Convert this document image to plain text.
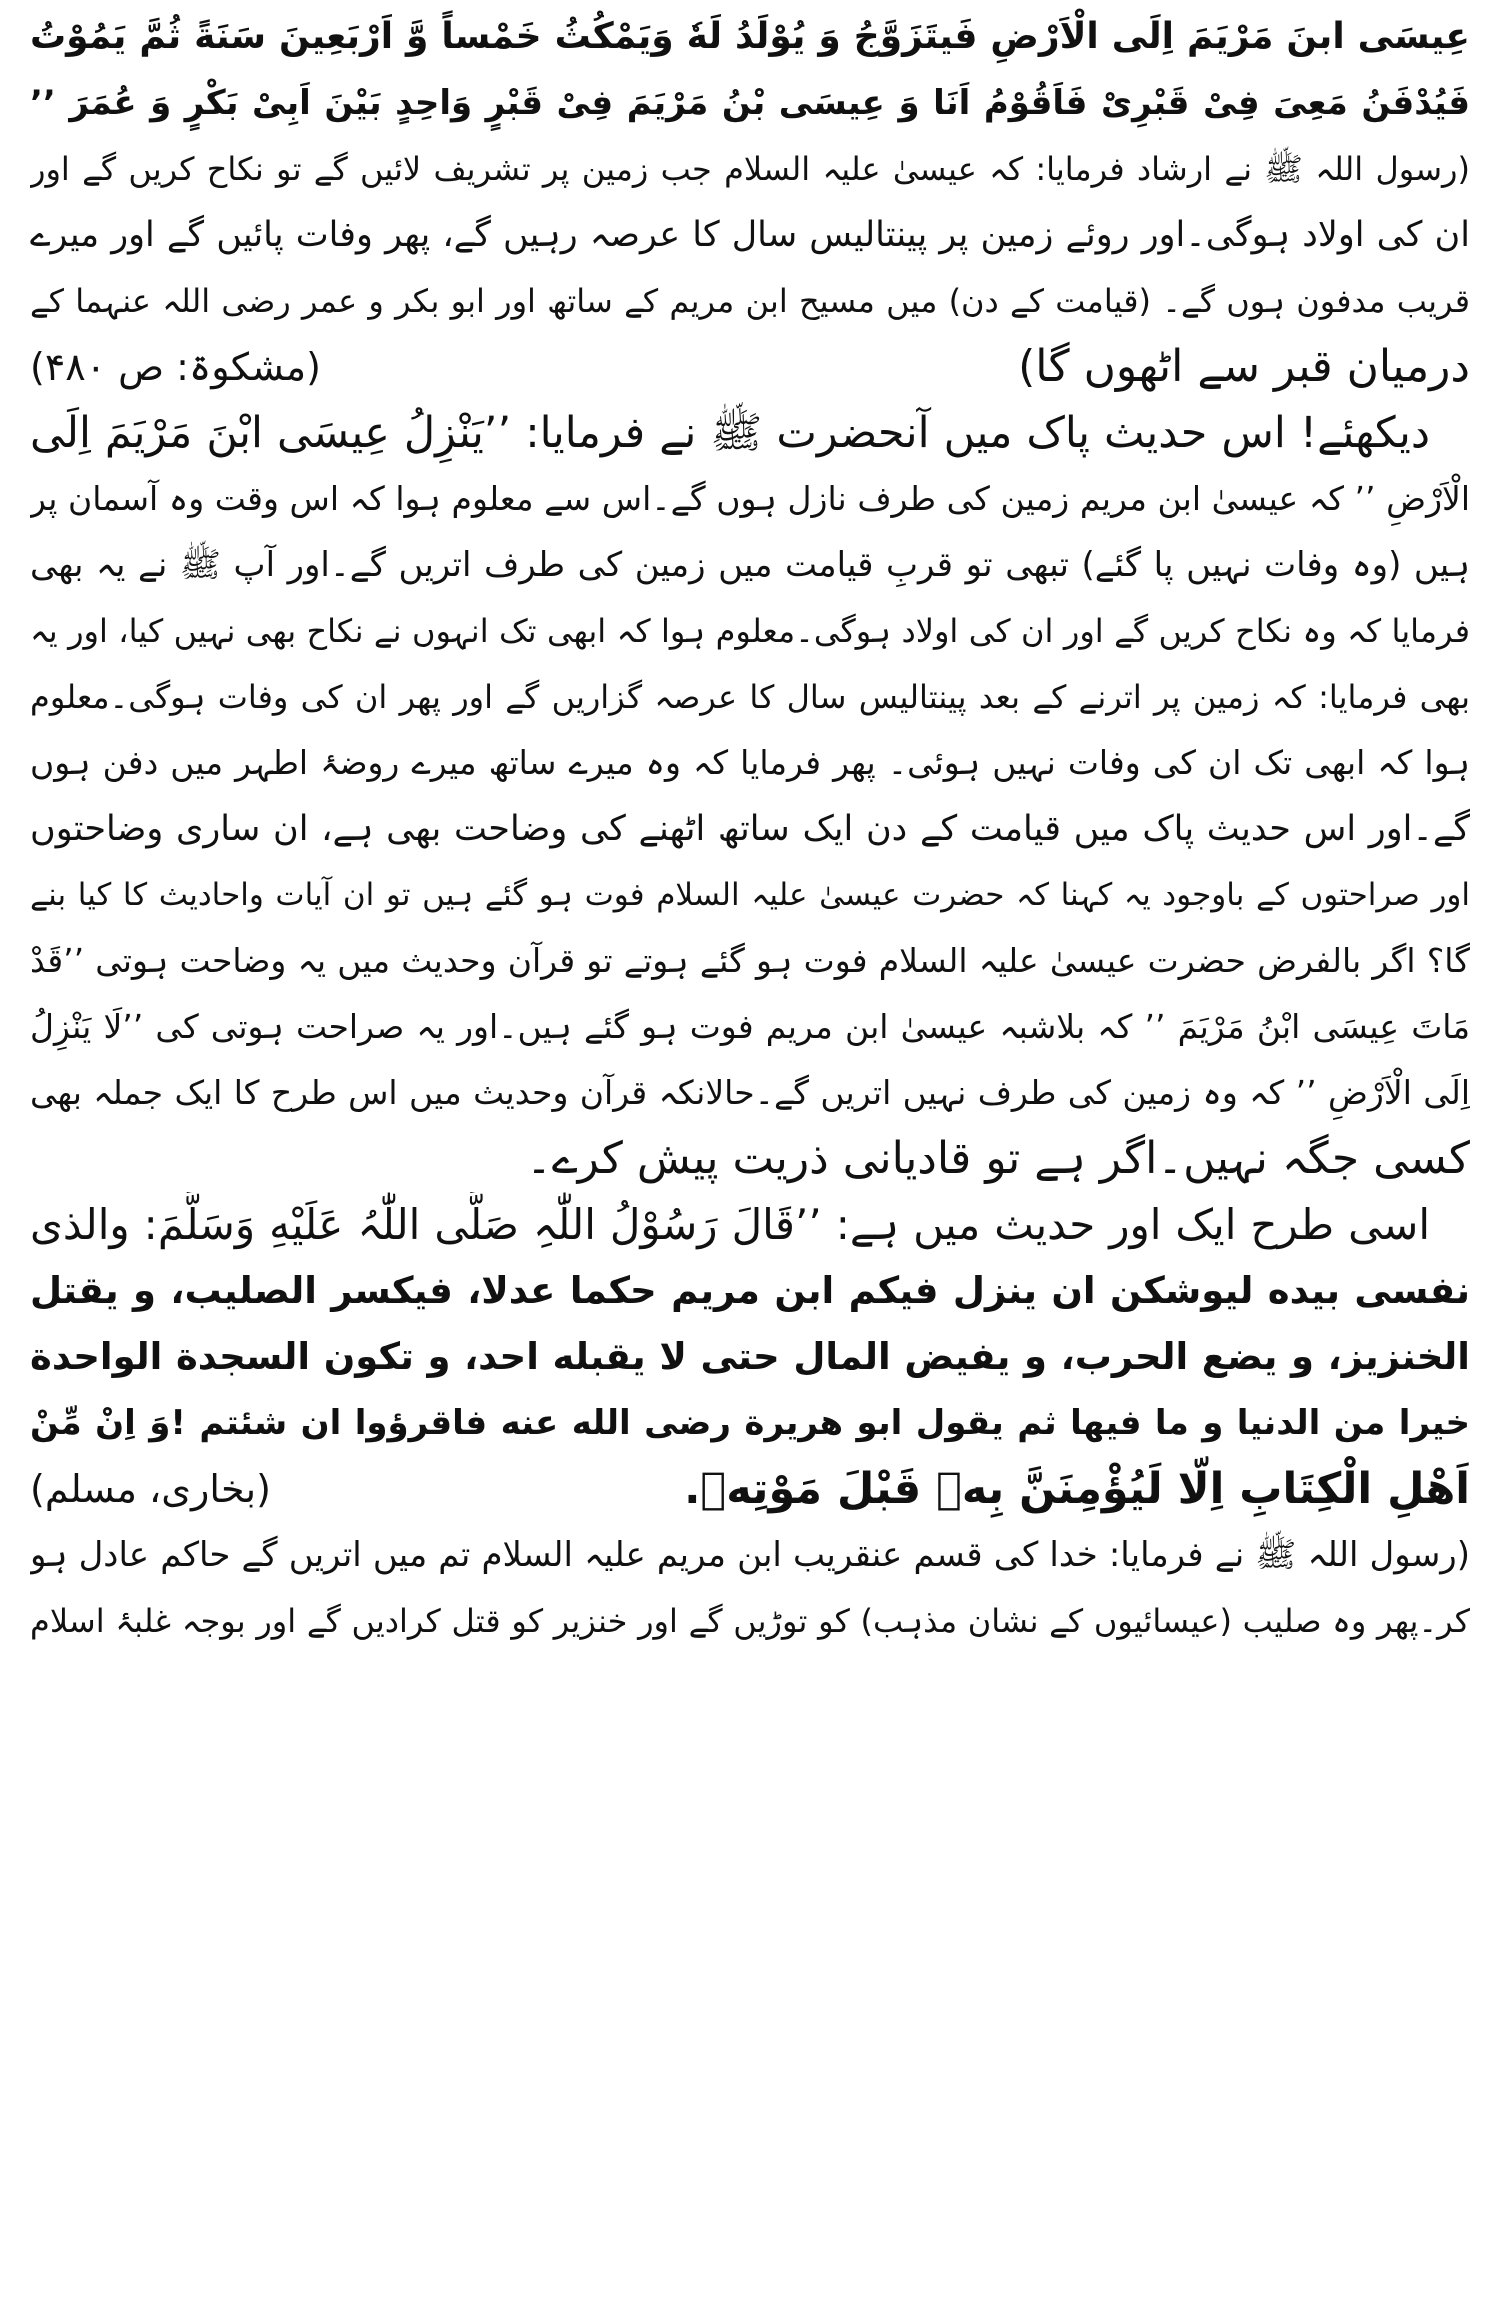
عِیسَی ابنَ مَرْیَمَ اِلَی الْاَرْضِ فَیتَزَوَّجُ وَ یُوْلَدُ لَهٗ وَیَمْکُثُ خَمْساً وَّ اَرْبَعِینَ سَنَةً ثُمَّ یَمُوْتُ
فَیُدْفَنُ مَعِیَ فِیْ قَبْرِیْ فَاَقُوْمُ اَنَا وَ عِیسَی بْنُ مَرْیَمَ فِیْ قَبْرٍ وَاحِدٍ بَیْنَ اَبِیْ بَکْرٍ وَ عُمَرَ ’’
(رسول اللہ ﷺ نے ارشاد فرمایا: کہ عیسیٰ علیہ السلام جب زمین پر تشریف لائیں گے تو نکاح کریں گے اور
ان کی اولاد ہوگی۔اور روئے زمین پر پینتالیس سال کا عرصہ رہیں گے، پھر وفات پائیں گے اور میرے
قریب مدفون ہوں گے۔ (قیامت کے دن) میں مسیح ابن مریم کے ساتھ اور ابو بکر و عمر رضی اللہ عنہما کے
درمیان قبر سے اٹھوں گا)
(مشکوۃ: ص ۴۸۰)
دیکھئے! اس حدیث پاک میں آنحضرت ﷺ نے فرمایا: ’’یَنْزِلُ عِیسَی ابْنَ مَرْیَمَ اِلَی
الْاَرْضِ ’’ کہ عیسیٰ ابن مریم زمین کی طرف نازل ہوں گے۔اس سے معلوم ہوا کہ اس وقت وہ آسمان پر
ہیں (وہ وفات نہیں پا گئے) تبھی تو قربِ قیامت میں زمین کی طرف اتریں گے۔اور آپ ﷺ نے یہ بھی
فرمایا کہ وہ نکاح کریں گے اور ان کی اولاد ہوگی۔معلوم ہوا کہ ابھی تک انہوں نے نکاح بھی نہیں کیا، اور یہ
بھی فرمایا: کہ زمین پر اترنے کے بعد پینتالیس سال کا عرصہ گزاریں گے اور پھر ان کی وفات ہوگی۔معلوم
ہوا کہ ابھی تک ان کی وفات نہیں ہوئی۔ پھر فرمایا کہ وہ میرے ساتھ میرے روضۂ اطہر میں دفن ہوں
گے۔اور اس حدیث پاک میں قیامت کے دن ایک ساتھ اٹھنے کی وضاحت بھی ہے، ان ساری وضاحتوں
اور صراحتوں کے باوجود یہ کہنا کہ حضرت عیسیٰ علیہ السلام فوت ہو گئے ہیں تو ان آیات واحادیث کا کیا بنے
گا؟ اگر بالفرض حضرت عیسیٰ علیہ السلام فوت ہو گئے ہوتے تو قرآن وحدیث میں یہ وضاحت ہوتی ’’قَدْ
مَاتَ عِیسَی ابْنُ مَرْیَمَ ’’ کہ بلاشبہ عیسیٰ ابن مریم فوت ہو گئے ہیں۔اور یہ صراحت ہوتی کی ’’لَا یَنْزِلُ
اِلَی الْاَرْضِ ’’ کہ وہ زمین کی طرف نہیں اتریں گے۔حالانکہ قرآن وحدیث میں اس طرح کا ایک جملہ بھی
کسی جگہ نہیں۔اگر ہے تو قادیانی ذریت پیش کرے۔
اسی طرح ایک اور حدیث میں ہے: ’’قَالَ رَسُوْلُ اللّٰہِ صَلَّی اللّٰہُ عَلَیْهِ وَسَلَّمَ: والذی
نفسی بیده لیوشکن ان ینزل فیکم ابن مریم حکما عدلا، فیکسر الصلیب، و یقتل
الخنزیز، و یضع الحرب، و یفیض المال حتی لا یقبله احد، و تکون السجدة الواحدة
خیرا من الدنیا و ما فیها ثم یقول ابو هریرة رضی الله عنه فاقرؤوا ان شئتم !وَ اِنْ مِّنْ
اَهْلِ الْکِتَابِ اِلَّا لَیُؤْمِنَنَّ بِهٖ قَبْلَ مَوْتِهٖ.
(بخاری، مسلم)
(رسول اللہ ﷺ نے فرمایا: خدا کی قسم عنقریب ابن مریم علیہ السلام تم میں اتریں گے حاکم عادل ہو
کر۔پھر وہ صلیب (عیسائیوں کے نشان مذہب) کو توڑیں گے اور خنزیر کو قتل کرادیں گے اور بوجہ غلبۂ اسلام
